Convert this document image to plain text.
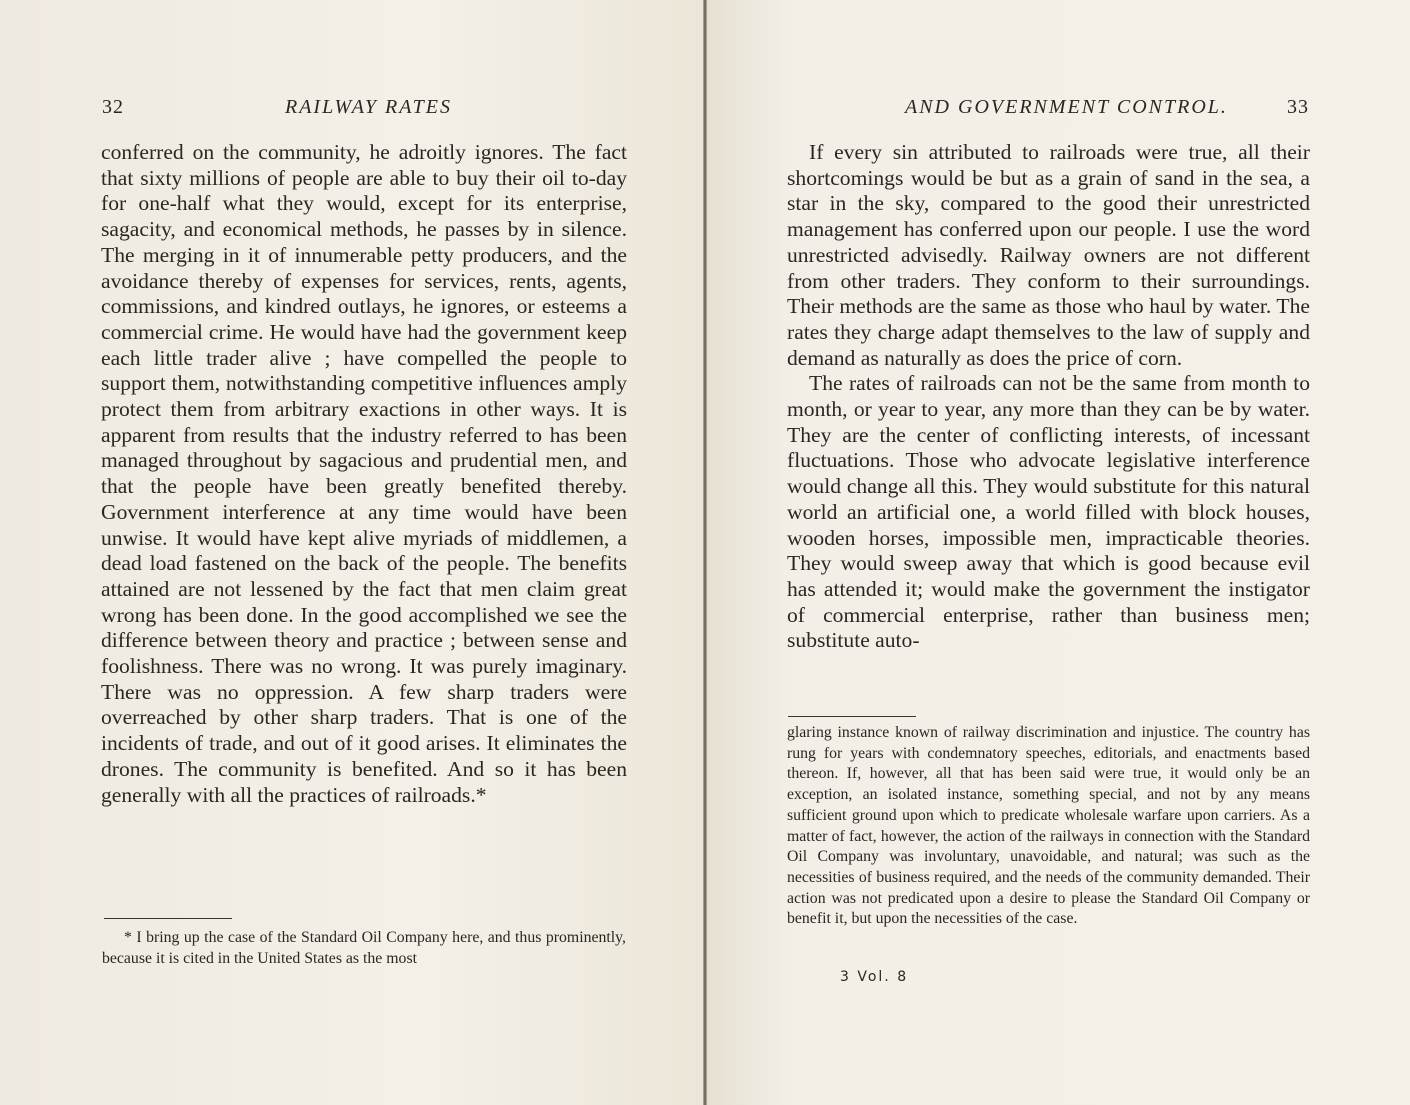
32	RAILWAY RATES

conferred on the community, he adroitly ignores. The fact that sixty millions of people are able to buy their oil to-day for one-half what they would, except for its enterprise, sagacity, and economical methods, he passes by in silence. The merging in it of innumerable petty producers, and the avoidance thereby of expenses for services, rents, agents, commissions, and kindred outlays, he ignores, or esteems a commercial crime. He would have had the government keep each little trader alive ; have compelled the people to support them, notwithstanding competitive influences amply protect them from arbitrary exactions in other ways. It is apparent from results that the industry referred to has been managed throughout by sagacious and prudential men, and that the people have been greatly benefited thereby. Government interference at any time would have been unwise. It would have kept alive myriads of middlemen, a dead load fastened on the back of the people. The benefits attained are not lessened by the fact that men claim great wrong has been done. In the good accomplished we see the difference between theory and practice ; between sense and foolishness. There was no wrong. It was purely imaginary. There was no oppression. A few sharp traders were overreached by other sharp traders. That is one of the incidents of trade, and out of it good arises. It eliminates the drones. The community is benefited. And so it has been generally with all the practices of railroads.*

* I bring up the case of the Standard Oil Company here, and thus prominently, because it is cited in the United States as the most
AND GOVERNMENT CONTROL.	33

If every sin attributed to railroads were true, all their shortcomings would be but as a grain of sand in the sea, a star in the sky, compared to the good their unrestricted management has conferred upon our people. I use the word unrestricted advisedly. Railway owners are not different from other traders. They conform to their surroundings. Their methods are the same as those who haul by water. The rates they charge adapt themselves to the law of supply and demand as naturally as does the price of corn.

The rates of railroads can not be the same from month to month, or year to year, any more than they can be by water. They are the center of conflicting interests, of incessant fluctuations. Those who advocate legislative interference would change all this. They would substitute for this natural world an artificial one, a world filled with block houses, wooden horses, impossible men, impracticable theories. They would sweep away that which is good because evil has attended it; would make the government the instigator of commercial enterprise, rather than business men; substitute auto-

glaring instance known of railway discrimination and injustice. The country has rung for years with condemnatory speeches, editorials, and enactments based thereon. If, however, all that has been said were true, it would only be an exception, an isolated instance, something special, and not by any means sufficient ground upon which to predicate wholesale warfare upon carriers. As a matter of fact, however, the action of the railways in connection with the Standard Oil Company was involuntary, unavoidable, and natural; was such as the necessities of business required, and the needs of the community demanded. Their action was not predicated upon a desire to please the Standard Oil Company or benefit it, but upon the necessities of the case.
3 Vol. 8
